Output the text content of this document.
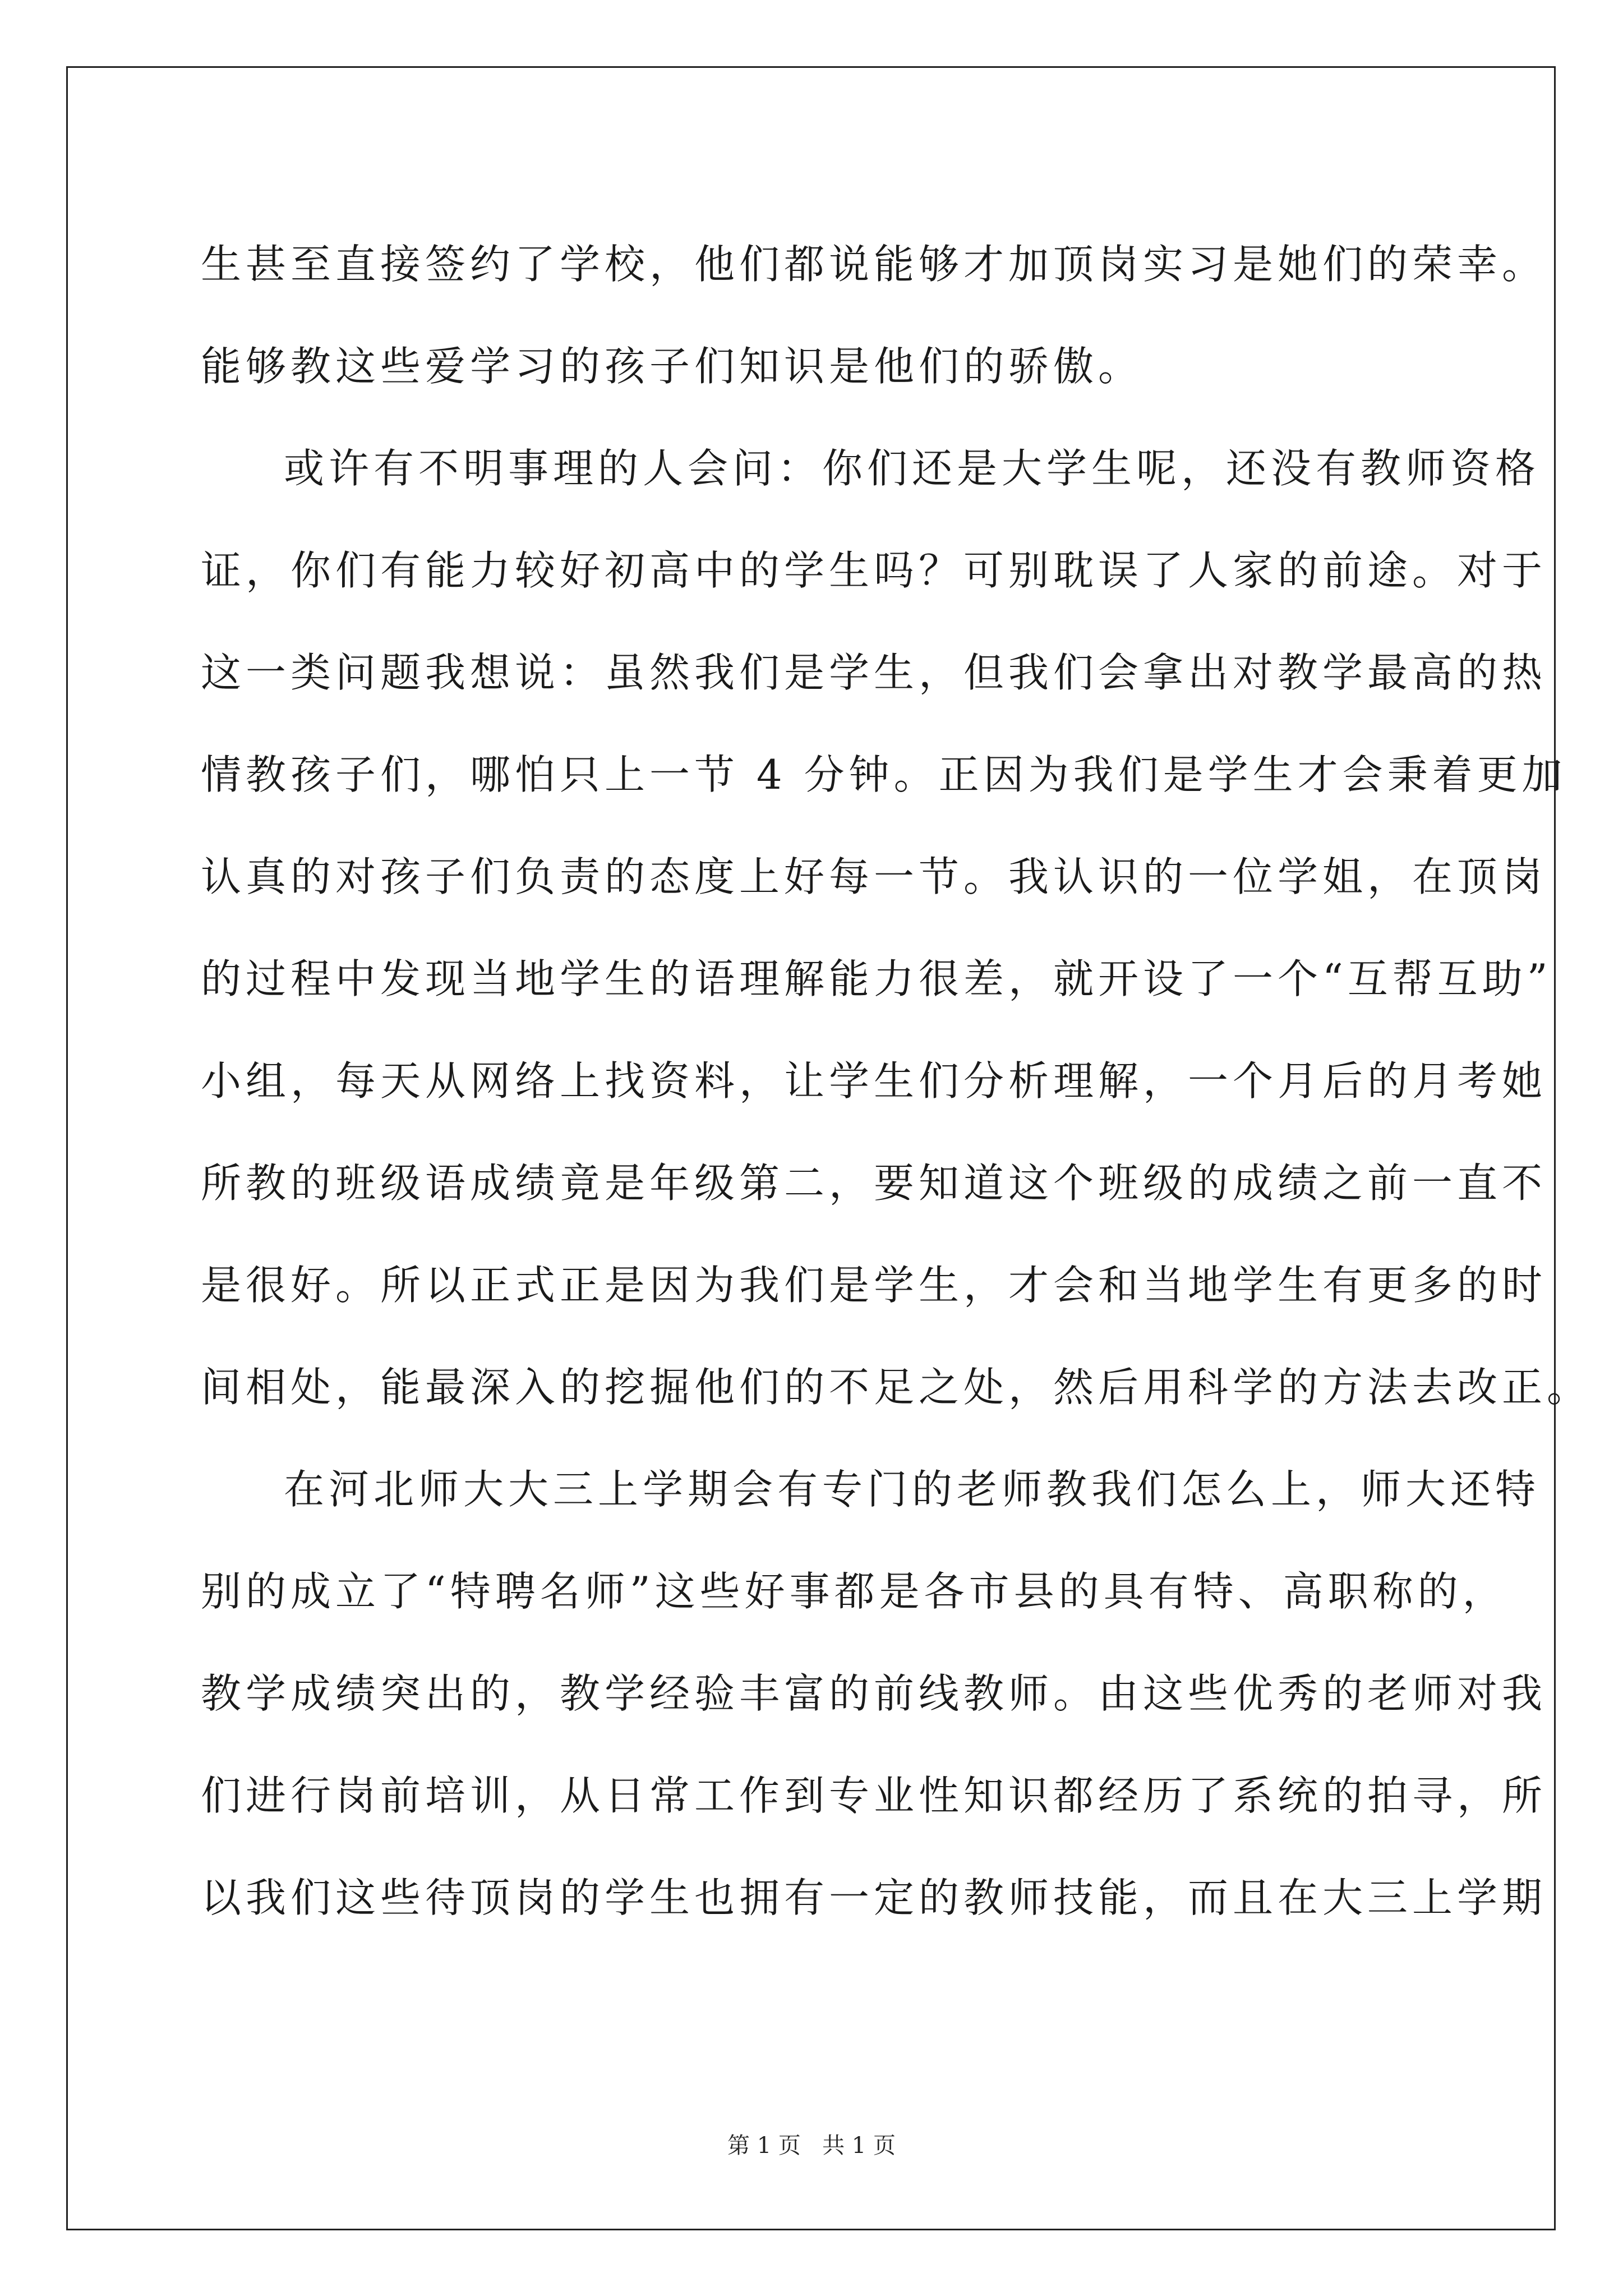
生甚至直接签约了学校，他们都说能够才加顶岗实习是她们的荣幸。
能够教这些爱学习的孩子们知识是他们的骄傲。
或许有不明事理的人会问：你们还是大学生呢，还没有教师资格
证，你们有能力较好初高中的学生吗？可别耽误了人家的前途。对于
这一类问题我想说：虽然我们是学生，但我们会拿出对教学最高的热
情教孩子们，哪怕只上一节 4 分钟。正因为我们是学生才会秉着更加
认真的对孩子们负责的态度上好每一节。我认识的一位学姐，在顶岗
的过程中发现当地学生的语理解能力很差，就开设了一个“互帮互助”
小组，每天从网络上找资料，让学生们分析理解，一个月后的月考她
所教的班级语成绩竟是年级第二，要知道这个班级的成绩之前一直不
是很好。所以正式正是因为我们是学生，才会和当地学生有更多的时
间相处，能最深入的挖掘他们的不足之处，然后用科学的方法去改正。
在河北师大大三上学期会有专门的老师教我们怎么上，师大还特
别的成立了“特聘名师”这些好事都是各市县的具有特、高职称的，
教学成绩突出的，教学经验丰富的前线教师。由这些优秀的老师对我
们进行岗前培训，从日常工作到专业性知识都经历了系统的拍寻，所
以我们这些待顶岗的学生也拥有一定的教师技能，而且在大三上学期
第 1 页   共 1 页
